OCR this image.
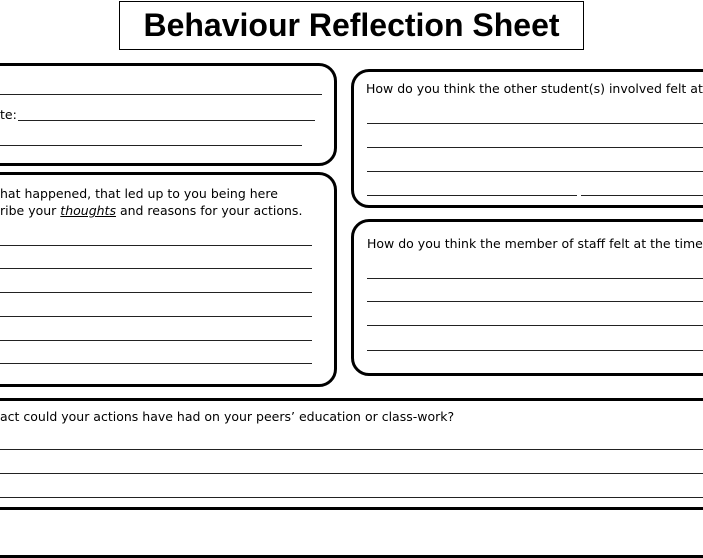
Behaviour Reflection Sheet
te:
hat happened, that led up to you being here
ribe your thoughts and reasons for your actions.
How do you think the other student(s) involved felt at
How do you think the member of staff felt at the time
act could your actions have had on your peers’ education or class-work?
